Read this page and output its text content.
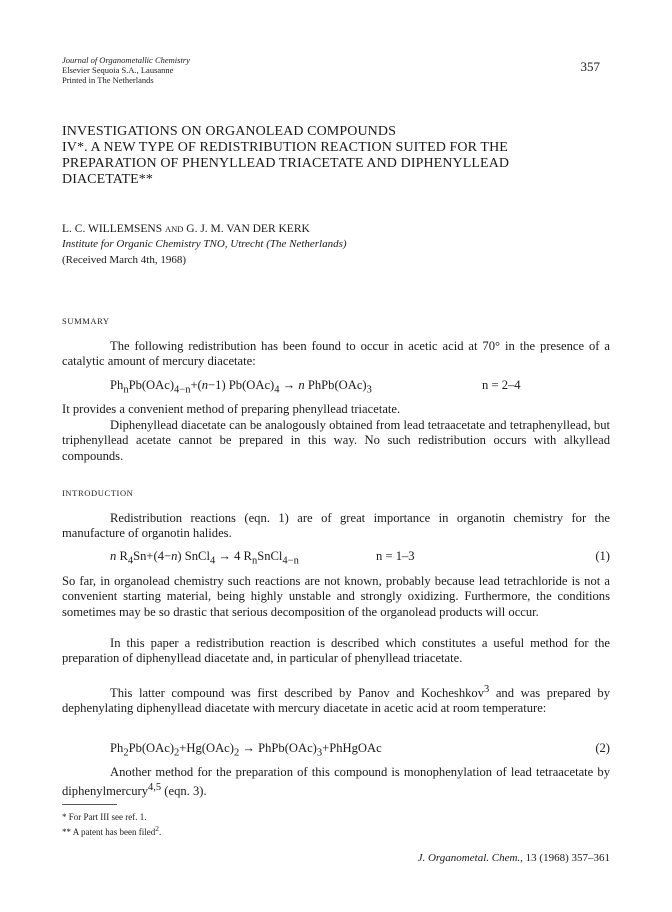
Journal of Organometallic Chemistry
Elsevier Sequoia S.A., Lausanne
Printed in The Netherlands
357
INVESTIGATIONS ON ORGANOLEAD COMPOUNDS
IV*. A NEW TYPE OF REDISTRIBUTION REACTION SUITED FOR THE
PREPARATION OF PHENYLLEAD TRIACETATE AND DIPHENYLLEAD
DIACETATE**
L. C. WILLEMSENS AND G. J. M. VAN DER KERK
Institute for Organic Chemistry TNO, Utrecht (The Netherlands)
(Received March 4th, 1968)
SUMMARY

The following redistribution has been found to occur in acetic acid at 70° in the presence of a catalytic amount of mercury diacetate:

$Ph_nPb(OAc)_{4-n}+(n-1) Pb(OAc)_4 \to n$ $PhPb(OAc)_3$	n = 2–4

It provides a convenient method of preparing phenyllead triacetate.

Diphenyllead diacetate can be analogously obtained from lead tetraacetate and tetraphenyllead, but triphenyllead acetate cannot be prepared in this way. No such redistribution occurs with alkyllead compounds.

INTRODUCTION

Redistribution reactions (eqn. 1) are of great importance in organotin chemistry for the manufacture of organotin halides.

n $R_4Sn+(4-n)$ SnCl$_4$ → 4 $R_nSnCl_{4-n}$	n = 1–3	(1)

So far, in organolead chemistry such reactions are not known, probably because lead tetrachloride is not a convenient starting material, being highly unstable and strongly oxidizing. Furthermore, the conditions sometimes may be so drastic that serious decomposition of the organolead products will occur.

In this paper a redistribution reaction is described which constitutes a useful method for the preparation of diphenyllead diacetate and, in particular of phenyllead triacetate.

This latter compound was first described by Panov and Kocheshkov$^3$ and was prepared by dephenylating diphenyllead diacetate with mercury diacetate in acetic acid at room temperature:

$Ph_2Pb(OAc)_2+Hg(OAc)_2$ → $PhPb(OAc)_3+PhHgOAc$	(2)

Another method for the preparation of this compound is monophenylation of lead tetraacetate by diphenylmercury$^{4,5}$ (eqn. 3).

* For Part III see ref. 1.
** A patent has been filed$^2$.
J. Organometal. Chem., 13 (1968) 357–361
